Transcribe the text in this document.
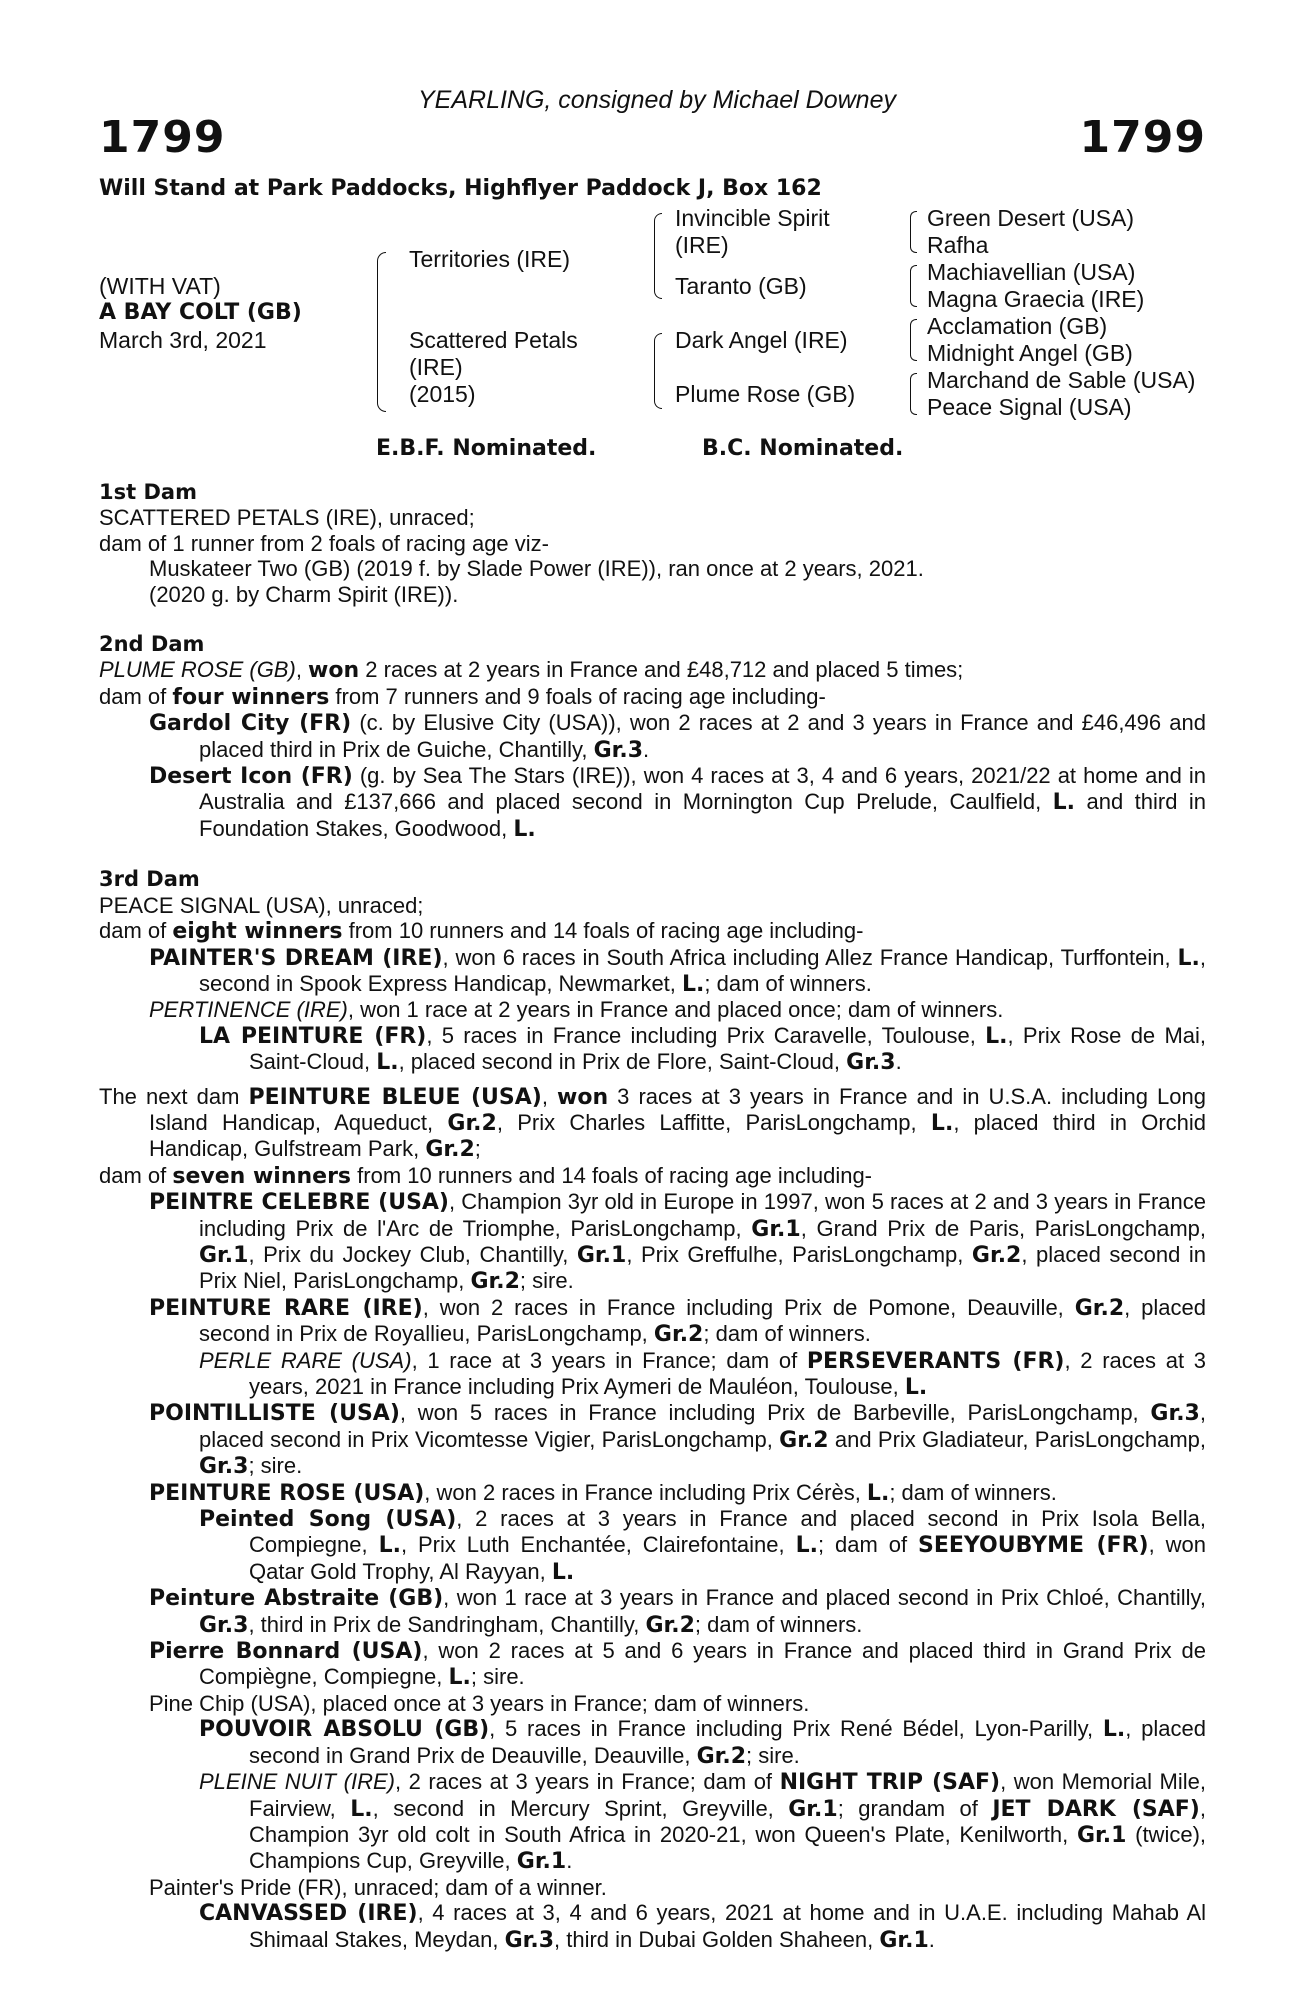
YEARLING, consigned by Michael Downey
1799	1799
Will Stand at Park Paddocks, Highflyer Paddock J, Box 162
(WITH VAT)
A BAY COLT (GB)
March 3rd, 2021
Territories (IRE)
Scattered Petals
(IRE)
(2015)
Invincible Spirit
(IRE)
Taranto (GB)
Dark Angel (IRE)
Plume Rose (GB)
Green Desert (USA)
Rafha
Machiavellian (USA)
Magna Graecia (IRE)
Acclamation (GB)
Midnight Angel (GB)
Marchand de Sable (USA)
Peace Signal (USA)
E.B.F. Nominated.	B.C. Nominated.
1st Dam
SCATTERED PETALS (IRE), unraced;
dam of 1 runner from 2 foals of racing age viz-
Muskateer Two (GB) (2019 f. by Slade Power (IRE)), ran once at 2 years, 2021.
(2020 g. by Charm Spirit (IRE)).
2nd Dam
PLUME ROSE (GB), won 2 races at 2 years in France and £48,712 and placed 5 times;
dam of four winners from 7 runners and 9 foals of racing age including-

Gardol City (FR) (c. by Elusive City (USA)), won 2 races at 2 and 3 years in France and £46,496 and placed third in Prix de Guiche, Chantilly, Gr.3.

Desert Icon (FR) (g. by Sea The Stars (IRE)), won 4 races at 3, 4 and 6 years, 2021/22 at home and in Australia and £137,666 and placed second in Mornington Cup Prelude, Caulfield, L. and third in Foundation Stakes, Goodwood, L.

3rd Dam
PEACE SIGNAL (USA), unraced;
dam of eight winners from 10 runners and 14 foals of racing age including-

PAINTER'S DREAM (IRE), won 6 races in South Africa including Allez France Handicap, Turffontein, L., second in Spook Express Handicap, Newmarket, L.; dam of winners.

PERTINENCE (IRE), won 1 race at 2 years in France and placed once; dam of winners.

LA PEINTURE (FR), 5 races in France including Prix Caravelle, Toulouse, L., Prix Rose de Mai, Saint-Cloud, L., placed second in Prix de Flore, Saint-Cloud, Gr.3.

The next dam PEINTURE BLEUE (USA), won 3 races at 3 years in France and in U.S.A. including Long Island Handicap, Aqueduct, Gr.2, Prix Charles Laffitte, ParisLongchamp, L., placed third in Orchid Handicap, Gulfstream Park, Gr.2;

dam of seven winners from 10 runners and 14 foals of racing age including-

PEINTRE CELEBRE (USA), Champion 3yr old in Europe in 1997, won 5 races at 2 and 3 years in France including Prix de l'Arc de Triomphe, ParisLongchamp, Gr.1, Grand Prix de Paris, ParisLongchamp, Gr.1, Prix du Jockey Club, Chantilly, Gr.1, Prix Greffulhe, ParisLongchamp, Gr.2, placed second in Prix Niel, ParisLongchamp, Gr.2; sire.

PEINTURE RARE (IRE), won 2 races in France including Prix de Pomone, Deauville, Gr.2, placed second in Prix de Royallieu, ParisLongchamp, Gr.2; dam of winners.

PERLE RARE (USA), 1 race at 3 years in France; dam of PERSEVERANTS (FR), 2 races at 3 years, 2021 in France including Prix Aymeri de Mauléon, Toulouse, L.

POINTILLISTE (USA), won 5 races in France including Prix de Barbeville, ParisLongchamp, Gr.3, placed second in Prix Vicomtesse Vigier, ParisLongchamp, Gr.2 and Prix Gladiateur, ParisLongchamp, Gr.3; sire.

PEINTURE ROSE (USA), won 2 races in France including Prix Cérès, L.; dam of winners.

Peinted Song (USA), 2 races at 3 years in France and placed second in Prix Isola Bella, Compiegne, L., Prix Luth Enchantée, Clairefontaine, L.; dam of SEEYOUBYME (FR), won Qatar Gold Trophy, Al Rayyan, L.

Peinture Abstraite (GB), won 1 race at 3 years in France and placed second in Prix Chloé, Chantilly, Gr.3, third in Prix de Sandringham, Chantilly, Gr.2; dam of winners.

Pierre Bonnard (USA), won 2 races at 5 and 6 years in France and placed third in Grand Prix de Compiègne, Compiegne, L.; sire.

Pine Chip (USA), placed once at 3 years in France; dam of winners.

POUVOIR ABSOLU (GB), 5 races in France including Prix René Bédel, Lyon-Parilly, L., placed second in Grand Prix de Deauville, Deauville, Gr.2; sire.

PLEINE NUIT (IRE), 2 races at 3 years in France; dam of NIGHT TRIP (SAF), won Memorial Mile, Fairview, L., second in Mercury Sprint, Greyville, Gr.1; grandam of JET DARK (SAF), Champion 3yr old colt in South Africa in 2020-21, won Queen's Plate, Kenilworth, Gr.1 (twice), Champions Cup, Greyville, Gr.1.

Painter's Pride (FR), unraced; dam of a winner.

CANVASSED (IRE), 4 races at 3, 4 and 6 years, 2021 at home and in U.A.E. including Mahab Al Shimaal Stakes, Meydan, Gr.3, third in Dubai Golden Shaheen, Gr.1.
